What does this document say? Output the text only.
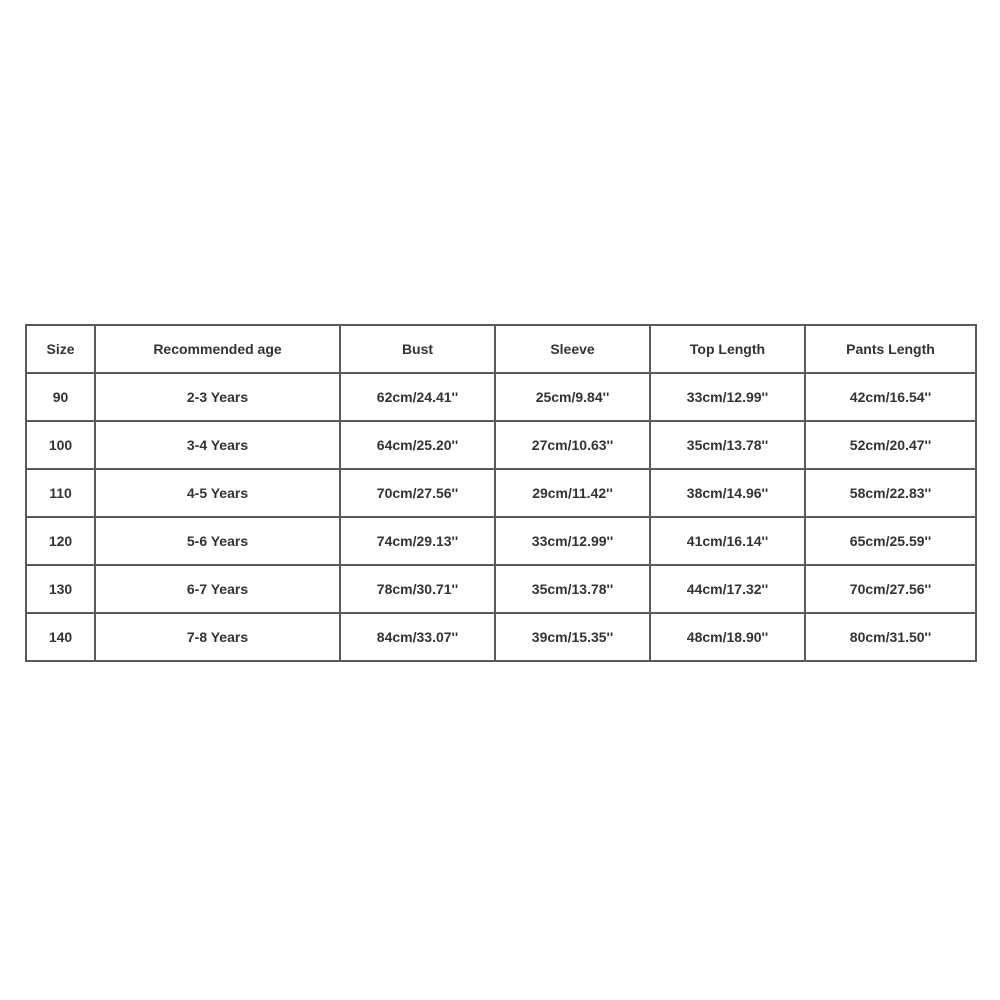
Size	Recommended age	Bust	Sleeve	Top Length	Pants Length
90	2-3 Years	62cm/24.41''	25cm/9.84''	33cm/12.99''	42cm/16.54''
100	3-4 Years	64cm/25.20''	27cm/10.63''	35cm/13.78''	52cm/20.47''
110	4-5 Years	70cm/27.56''	29cm/11.42''	38cm/14.96''	58cm/22.83''
120	5-6 Years	74cm/29.13''	33cm/12.99''	41cm/16.14''	65cm/25.59''
130	6-7 Years	78cm/30.71''	35cm/13.78''	44cm/17.32''	70cm/27.56''
140	7-8 Years	84cm/33.07''	39cm/15.35''	48cm/18.90''	80cm/31.50''
